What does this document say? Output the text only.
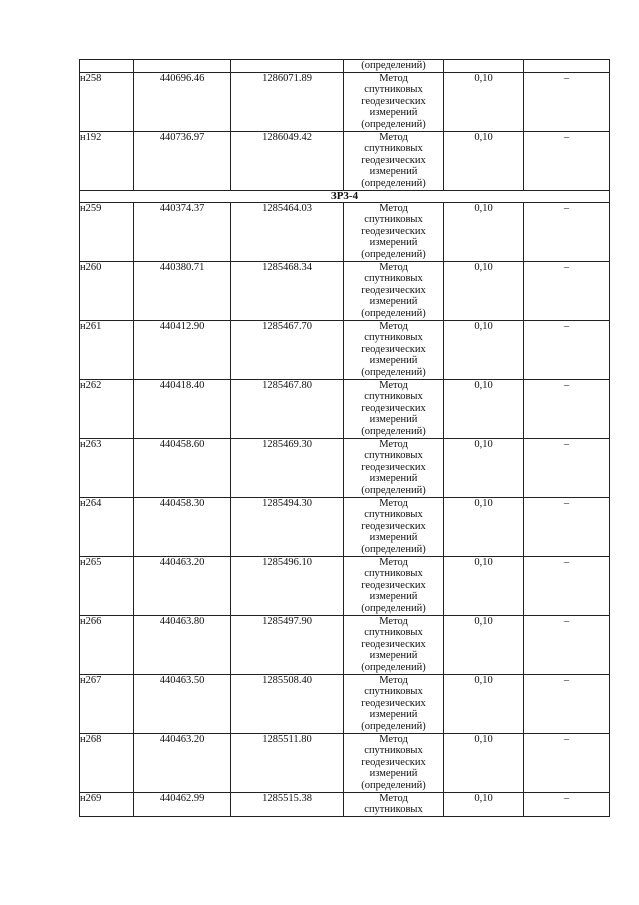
			(определений)		
н258	440696.46	1286071.89	Метод
спутниковых
геодезических
измерений
(определений)	0,10	–
н192	440736.97	1286049.42	Метод
спутниковых
геодезических
измерений
(определений)	0,10	–
ЗР3-4					
н259	440374.37	1285464.03	Метод
спутниковых
геодезических
измерений
(определений)	0,10	–
н260	440380.71	1285468.34	Метод
спутниковых
геодезических
измерений
(определений)	0,10	–
н261	440412.90	1285467.70	Метод
спутниковых
геодезических
измерений
(определений)	0,10	–
н262	440418.40	1285467.80	Метод
спутниковых
геодезических
измерений
(определений)	0,10	–
н263	440458.60	1285469.30	Метод
спутниковых
геодезических
измерений
(определений)	0,10	–
н264	440458.30	1285494.30	Метод
спутниковых
геодезических
измерений
(определений)	0,10	–
н265	440463.20	1285496.10	Метод
спутниковых
геодезических
измерений
(определений)	0,10	–
н266	440463.80	1285497.90	Метод
спутниковых
геодезических
измерений
(определений)	0,10	–
н267	440463.50	1285508.40	Метод
спутниковых
геодезических
измерений
(определений)	0,10	–
н268	440463.20	1285511.80	Метод
спутниковых
геодезических
измерений
(определений)	0,10	–
н269	440462.99	1285515.38	Метод
спутниковых	0,10	–
